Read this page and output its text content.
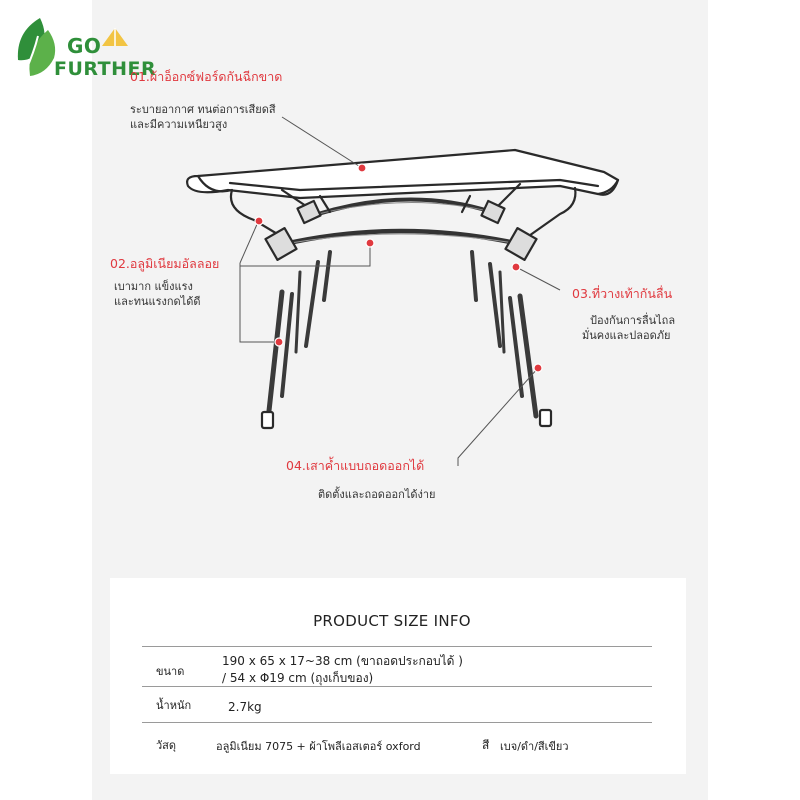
GO
FURTHER
01.ผ้าอ็อกซ์ฟอร์ดกันฉีกขาด
ระบายอากาศ ทนต่อการเสียดสี
และมีความเหนียวสูง
02.อลูมิเนียมอัลลอย
เบามาก แข็งแรง
และทนแรงกดได้ดี
03.ที่วางเท้ากันลื่น
ป้องกันการลื่นไถล
มั่นคงและปลอดภัย
04.เสาค้ำแบบถอดออกได้
ติดตั้งและถอดออกได้ง่าย
PRODUCT SIZE INFO
ขนาด
190 x 65 x 17~38 cm (ขาถอดประกอบได้ )
/ 54 x Φ19 cm (ถุงเก็บของ)
น้ำหนัก	2.7kg
วัสดุ	อลูมิเนียม 7075 + ผ้าโพลีเอสเตอร์ oxford	สี เบจ/ดำ/สีเขียว
